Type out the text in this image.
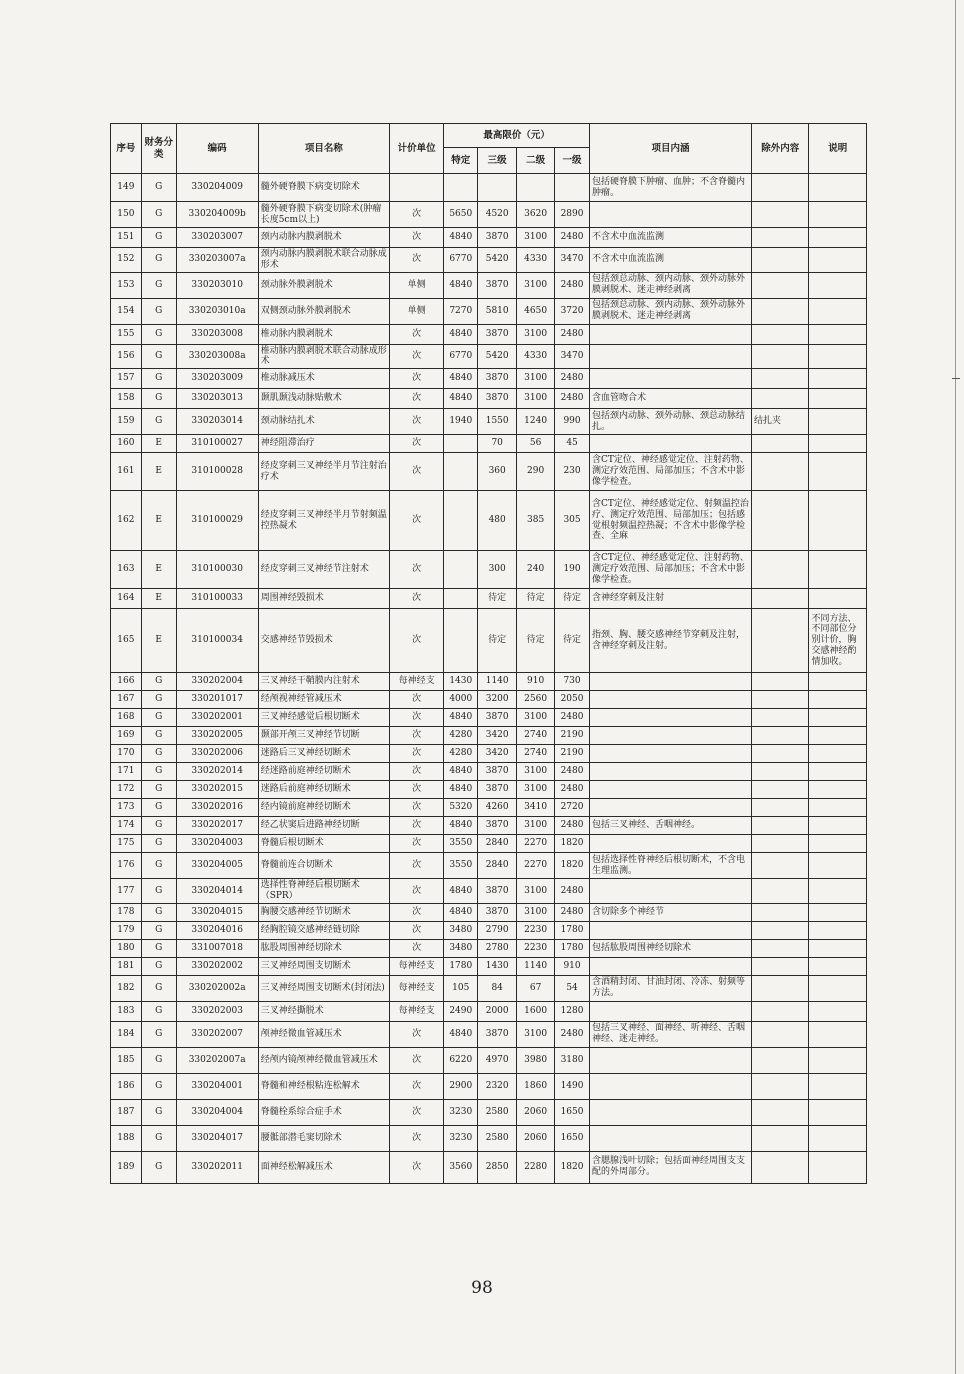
序号	财务分类	编码	项目名称	计价单位	最高限价（元）				项目内涵	除外内容	说明
					特定	三级	二级	一级			
149	G	330204009	髓外硬脊膜下病变切除术						包括硬脊膜下肿瘤、血肿；不含脊髓内肿瘤。		
150	G	330204009b	髓外硬脊膜下病变切除术(肿瘤长度5cm以上)	次	5650	4520	3620	2890			
151	G	330203007	颈内动脉内膜剥脱术	次	4840	3870	3100	2480	不含术中血流监测		
152	G	330203007a	颈内动脉内膜剥脱术联合动脉成形术	次	6770	5420	4330	3470	不含术中血流监测		
153	G	330203010	颈动脉外膜剥脱术	单侧	4840	3870	3100	2480	包括颈总动脉、颈内动脉、颈外动脉外膜剥脱术、迷走神经剥离		
154	G	330203010a	双侧颈动脉外膜剥脱术	单侧	7270	5810	4650	3720	包括颈总动脉、颈内动脉、颈外动脉外膜剥脱术、迷走神经剥离		
155	G	330203008	椎动脉内膜剥脱术	次	4840	3870	3100	2480			
156	G	330203008a	椎动脉内膜剥脱术联合动脉成形术	次	6770	5420	4330	3470			
157	G	330203009	椎动脉减压术	次	4840	3870	3100	2480			
158	G	330203013	颞肌颞浅动脉贴敷术	次	4840	3870	3100	2480	含血管吻合术		
159	G	330203014	颈动脉结扎术	次	1940	1550	1240	990	包括颈内动脉、颈外动脉、颈总动脉结扎。	结扎夹	
160	E	310100027	神经阻滞治疗	次		70	56	45			
161	E	310100028	经皮穿刺三叉神经半月节注射治疗术	次		360	290	230	含CT定位、神经感觉定位、注射药物、测定疗效范围、局部加压；不含术中影像学检查。		
162	E	310100029	经皮穿刺三叉神经半月节射频温控热凝术	次		480	385	305	含CT定位、神经感觉定位、射频温控治疗、测定疗效范围、局部加压；包括感觉根射频温控热凝；不含术中影像学检查、全麻		
163	E	310100030	经皮穿刺三叉神经节注射术	次		300	240	190	含CT定位、神经感觉定位、注射药物、测定疗效范围、局部加压；不含术中影像学检查。		
164	E	310100033	周围神经毁损术	次		待定	待定	待定	含神经穿刺及注射		
165	E	310100034	交感神经节毁损术	次		待定	待定	待定	指颈、胸、腰交感神经节穿刺及注射，含神经穿刺及注射。		不同方法、不同部位分别计价，胸交感神经酌情加收。
166	G	330202004	三叉神经干鞘膜内注射术	每神经支	1430	1140	910	730			
167	G	330201017	经颅视神经管减压术	次	4000	3200	2560	2050			
168	G	330202001	三叉神经感觉后根切断术	次	4840	3870	3100	2480			
169	G	330202005	颞部开颅三叉神经节切断	次	4280	3420	2740	2190			
170	G	330202006	迷路后三叉神经切断术	次	4280	3420	2740	2190			
171	G	330202014	经迷路前庭神经切断术	次	4840	3870	3100	2480			
172	G	330202015	迷路后前庭神经切断术	次	4840	3870	3100	2480			
173	G	330202016	经内镜前庭神经切断术	次	5320	4260	3410	2720			
174	G	330202017	经乙状窦后进路神经切断	次	4840	3870	3100	2480	包括三叉神经、舌咽神经。		
175	G	330204003	脊髓后根切断术	次	3550	2840	2270	1820			
176	G	330204005	脊髓前连合切断术	次	3550	2840	2270	1820	包括选择性脊神经后根切断术，不含电生理监测。		
177	G	330204014	选择性脊神经后根切断术（SPR）	次	4840	3870	3100	2480			
178	G	330204015	胸腰交感神经节切断术	次	4840	3870	3100	2480	含切除多个神经节		
179	G	330204016	经胸腔镜交感神经链切除	次	3480	2790	2230	1780			
180	G	331007018	肱股周围神经切除术	次	3480	2780	2230	1780	包括肱股周围神经切除术		
181	G	330202002	三叉神经周围支切断术	每神经支	1780	1430	1140	910			
182	G	330202002a	三叉神经周围支切断术(封闭法)	每神经支	105	84	67	54	含酒精封闭、甘油封闭、冷冻、射频等方法。		
183	G	330202003	三叉神经撕脱术	每神经支	2490	2000	1600	1280			
184	G	330202007	颅神经微血管减压术	次	4840	3870	3100	2480	包括三叉神经、面神经、听神经、舌咽神经、迷走神经。		
185	G	330202007a	经颅内镜颅神经微血管减压术	次	6220	4970	3980	3180			
186	G	330204001	脊髓和神经根粘连松解术	次	2900	2320	1860	1490			
187	G	330204004	脊髓栓系综合症手术	次	3230	2580	2060	1650			
188	G	330204017	腰骶部潜毛窦切除术	次	3230	2580	2060	1650			
189	G	330202011	面神经松解减压术	次	3560	2850	2280	1820	含腮腺浅叶切除；包括面神经周围支支配的外周部分。		
98
